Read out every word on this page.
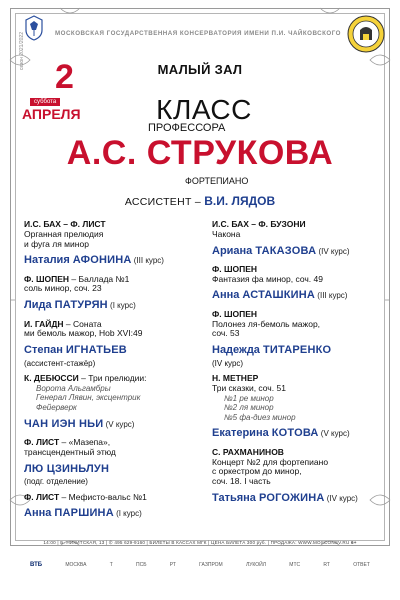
МОСКОВСКАЯ ГОСУДАРСТВЕННАЯ КОНСЕРВАТОРИЯ ИМЕНИ П.И. ЧАЙКОВСКОГО
сезон 2021/2022	МАЛЫЙ ЗАЛ
2
суббота
АПРЕЛЯ	КЛАСС
ПРОФЕССОРА
А.С. СТРУКОВА
ФОРТЕПИАНО
АССИСТЕНТ – В.И. ЛЯДОВ
И.С. БАХ – Ф. ЛИСТ
Органная прелюдия
и фуга ля минор
Наталия АФОНИНА (III курс)
Ф. ШОПЕН – Баллада №1
соль минор, соч. 23
Лида ПАТУРЯН (I курс)
И. ГАЙДН – Соната
ми бемоль мажор, Hob XVI:49
Степан ИГНАТЬЕВ
(ассистент-стажёр)
К. ДЕБЮССИ – Три прелюдии:
Ворота Альгамбры
Генерал Лявин, эксцентрик
Фейерверк
ЧАН ИЭН НЬИ (V курс)
Ф. ЛИСТ – «Мазепа»,
трансцендентный этюд
ЛЮ ЦЗИНЬЛУН
(подг. отделение)
Ф. ЛИСТ – Мефисто-вальс №1
Анна ПАРШИНА (I курс)
И.С. БАХ – Ф. БУЗОНИ
Чакона
Ариана ТАКАЗОВА (IV курс)
Ф. ШОПЕН
Фантазия фа минор, соч. 49
Анна АСТАШКИНА (III курс)
Ф. ШОПЕН
Полонез ля-бемоль мажор,
соч. 53
Надежда ТИТАРЕНКО
(IV курс)
Н. МЕТНЕР
Три сказки, соч. 51
№1 ре минор
№2 ля минор
№5 фа-диез минор
Екатерина КОТОВА (V курс)
С. РАХМАНИНОВ
Концерт №2 для фортепиано
с оркестром до минор,
соч. 18. I часть
Татьяна РОГОЖИНА (IV курс)
14:00 | Б. НИКИТСКАЯ, 13 | ✆ 495 629-9160 | БИЛЕТЫ В КАССАХ МГК | ЦЕНА БИЛЕТА 300 руб. | ПРОДАЖА: WWW.MOSCONSV.RU 6+
ВТБ	МОСКВА	Т	ПСБ	РТ	ГАЗПРОМ	ЛУКОЙЛ	МТС	RT	ОТВЕТ
